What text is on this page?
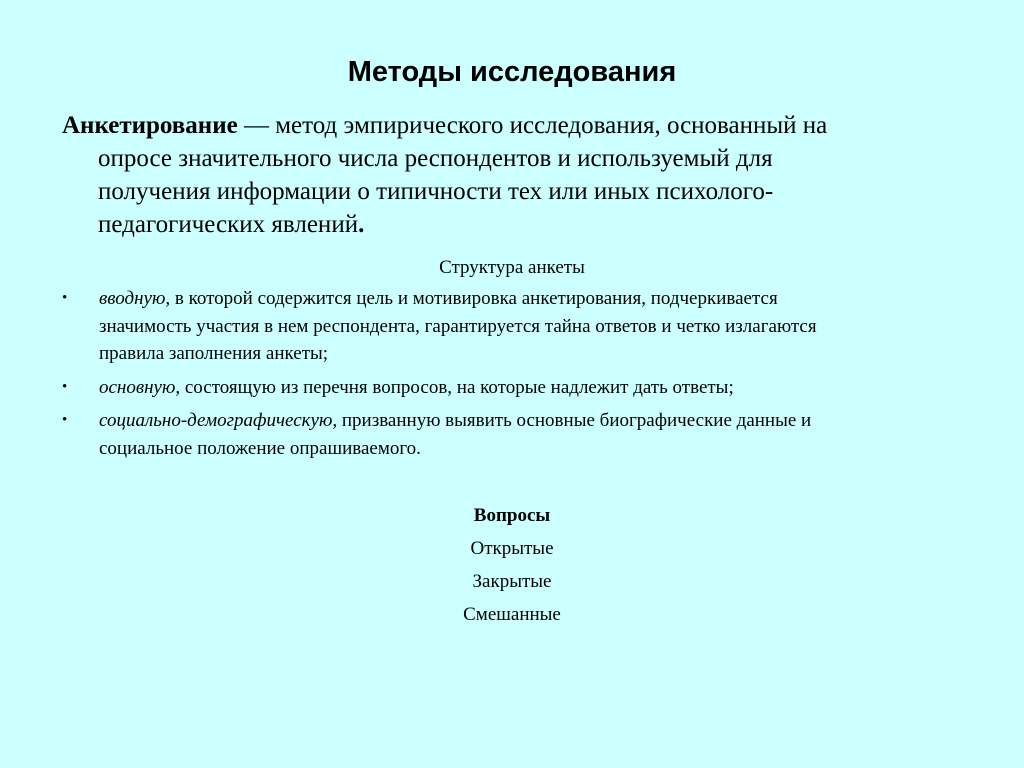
Методы исследования
Анкетирование — метод эмпирического исследования, основанный на
опросе значительного числа респондентов и используемый для
получения информации о типичности тех или иных психолого-
педагогических явлений.
Структура анкеты
• вводную, в которой содержится цель и мотивировка анкетирования, подчеркивается
значимость участия в нем респондента, гарантируется тайна ответов и четко излагаются
правила заполнения анкеты;
• основную, состоящую из перечня вопросов, на которые надлежит дать ответы;
• социально-демографическую, призванную выявить основные биографические данные и
социальное положение опрашиваемого.
Вопросы
Открытые
Закрытые
Смешанные
